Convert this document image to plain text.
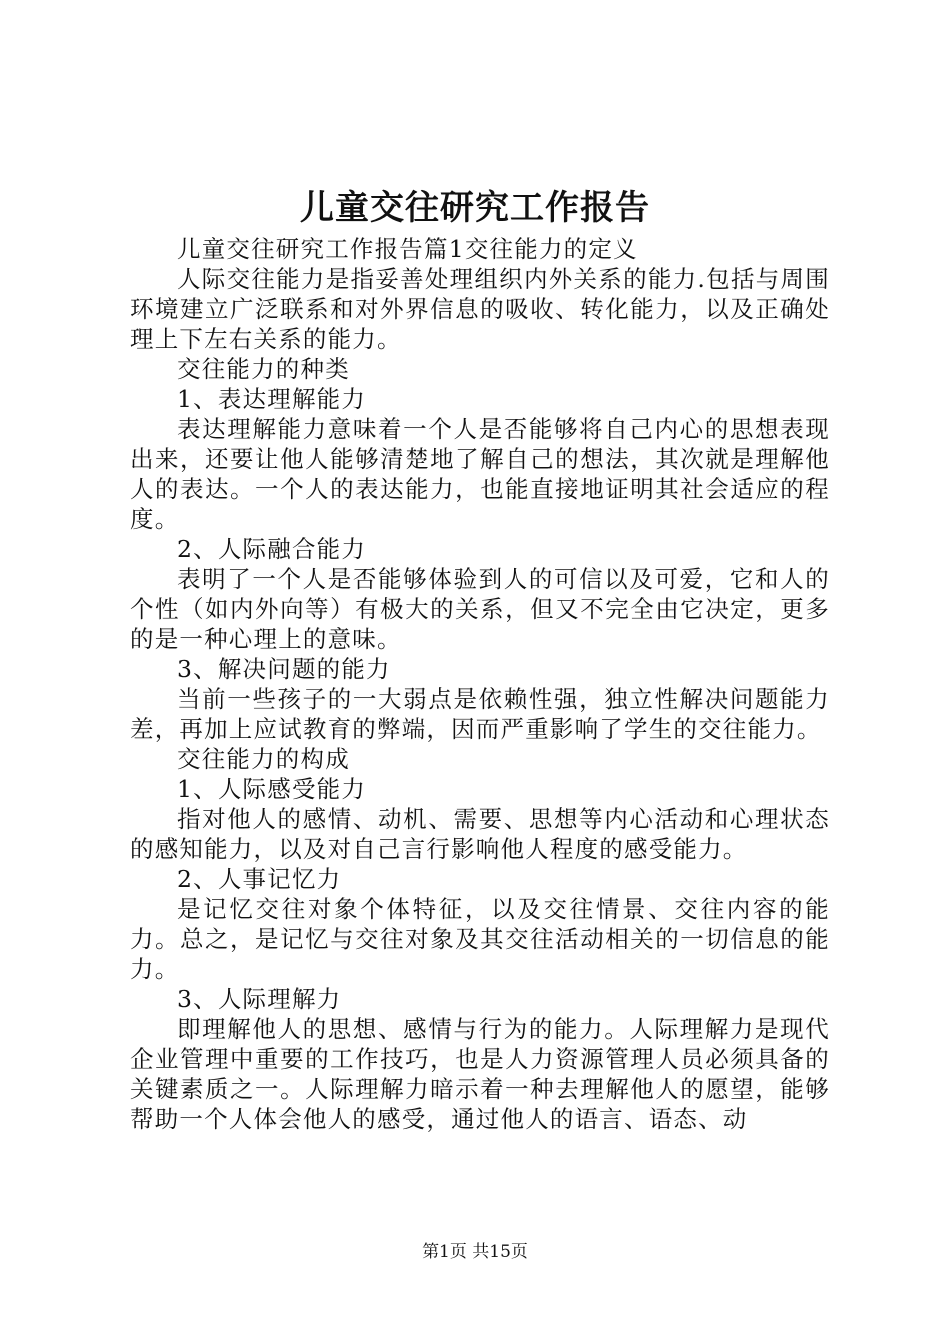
儿童交往研究工作报告

儿童交往研究工作报告篇1交往能力的定义

人际交往能力是指妥善处理组织内外关系的能力.包括与周围环境建立广泛联系和对外界信息的吸收、转化能力，以及正确处理上下左右关系的能力。

交往能力的种类

1、表达理解能力

表达理解能力意味着一个人是否能够将自己内心的思想表现出来，还要让他人能够清楚地了解自己的想法，其次就是理解他人的表达。一个人的表达能力，也能直接地证明其社会适应的程度。

2、人际融合能力

表明了一个人是否能够体验到人的可信以及可爱，它和人的个性（如内外向等）有极大的关系，但又不完全由它决定，更多的是一种心理上的意味。

3、解决问题的能力

当前一些孩子的一大弱点是依赖性强，独立性解决问题能力差，再加上应试教育的弊端，因而严重影响了学生的交往能力。

交往能力的构成

1、人际感受能力

指对他人的感情、动机、需要、思想等内心活动和心理状态的感知能力，以及对自己言行影响他人程度的感受能力。

2、人事记忆力

是记忆交往对象个体特征，以及交往情景、交往内容的能力。总之，是记忆与交往对象及其交往活动相关的一切信息的能力。

3、人际理解力

即理解他人的思想、感情与行为的能力。人际理解力是现代企业管理中重要的工作技巧，也是人力资源管理人员必须具备的关键素质之一。人际理解力暗示着一种去理解他人的愿望，能够帮助一个人体会他人的感受，通过他人的语言、语态、动

第1页 共15页
